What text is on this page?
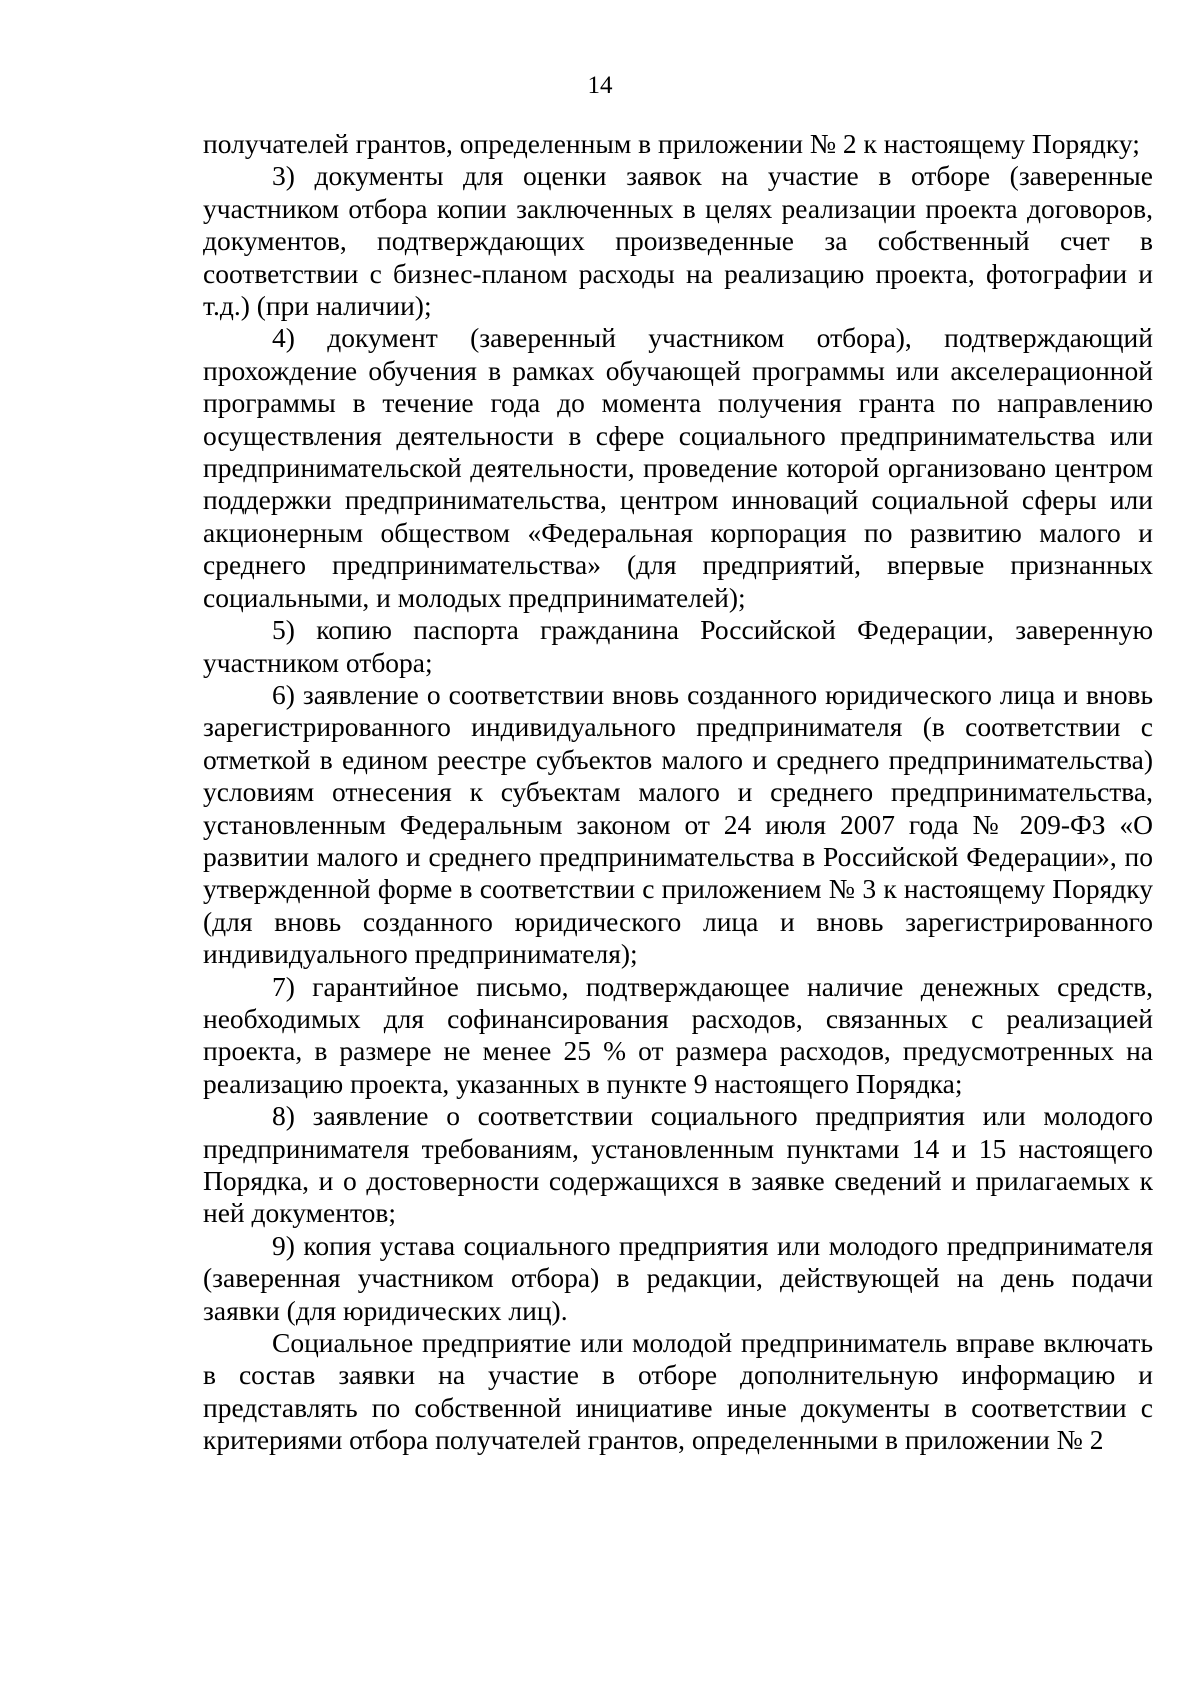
14

получателей грантов, определенным в приложении № 2 к настоящему Порядку;

3) документы для оценки заявок на участие в отборе (заверенные участником отбора копии заключенных в целях реализации проекта договоров, документов, подтверждающих произведенные за собственный счет в соответствии с бизнес-планом расходы на реализацию проекта, фотографии и т.д.) (при наличии);

4) документ (заверенный участником отбора), подтверждающий прохождение обучения в рамках обучающей программы или акселерационной программы в течение года до момента получения гранта по направлению осуществления деятельности в сфере социального предпринимательства или предпринимательской деятельности, проведение которой организовано центром поддержки предпринимательства, центром инноваций социальной сферы или акционерным обществом «Федеральная корпорация по развитию малого и среднего предпринимательства» (для предприятий, впервые признанных социальными, и молодых предпринимателей);

5) копию паспорта гражданина Российской Федерации, заверенную участником отбора;

6) заявление о соответствии вновь созданного юридического лица и вновь зарегистрированного индивидуального предпринимателя (в соответствии с отметкой в едином реестре субъектов малого и среднего предпринимательства) условиям отнесения к субъектам малого и среднего предпринимательства, установленным Федеральным законом от 24 июля 2007 года № 209-ФЗ «О развитии малого и среднего предпринимательства в Российской Федерации», по утвержденной форме в соответствии с приложением № 3 к настоящему Порядку (для вновь созданного юридического лица и вновь зарегистрированного индивидуального предпринимателя);

7) гарантийное письмо, подтверждающее наличие денежных средств, необходимых для софинансирования расходов, связанных с реализацией проекта, в размере не менее 25 % от размера расходов, предусмотренных на реализацию проекта, указанных в пункте 9 настоящего Порядка;

8) заявление о соответствии социального предприятия или молодого предпринимателя требованиям, установленным пунктами 14 и 15 настоящего Порядка, и о достоверности содержащихся в заявке сведений и прилагаемых к ней документов;

9) копия устава социального предприятия или молодого предпринимателя (заверенная участником отбора) в редакции, действующей на день подачи заявки (для юридических лиц).

Социальное предприятие или молодой предприниматель вправе включать в состав заявки на участие в отборе дополнительную информацию и представлять по собственной инициативе иные документы в соответствии с критериями отбора получателей грантов, определенными в приложении № 2
